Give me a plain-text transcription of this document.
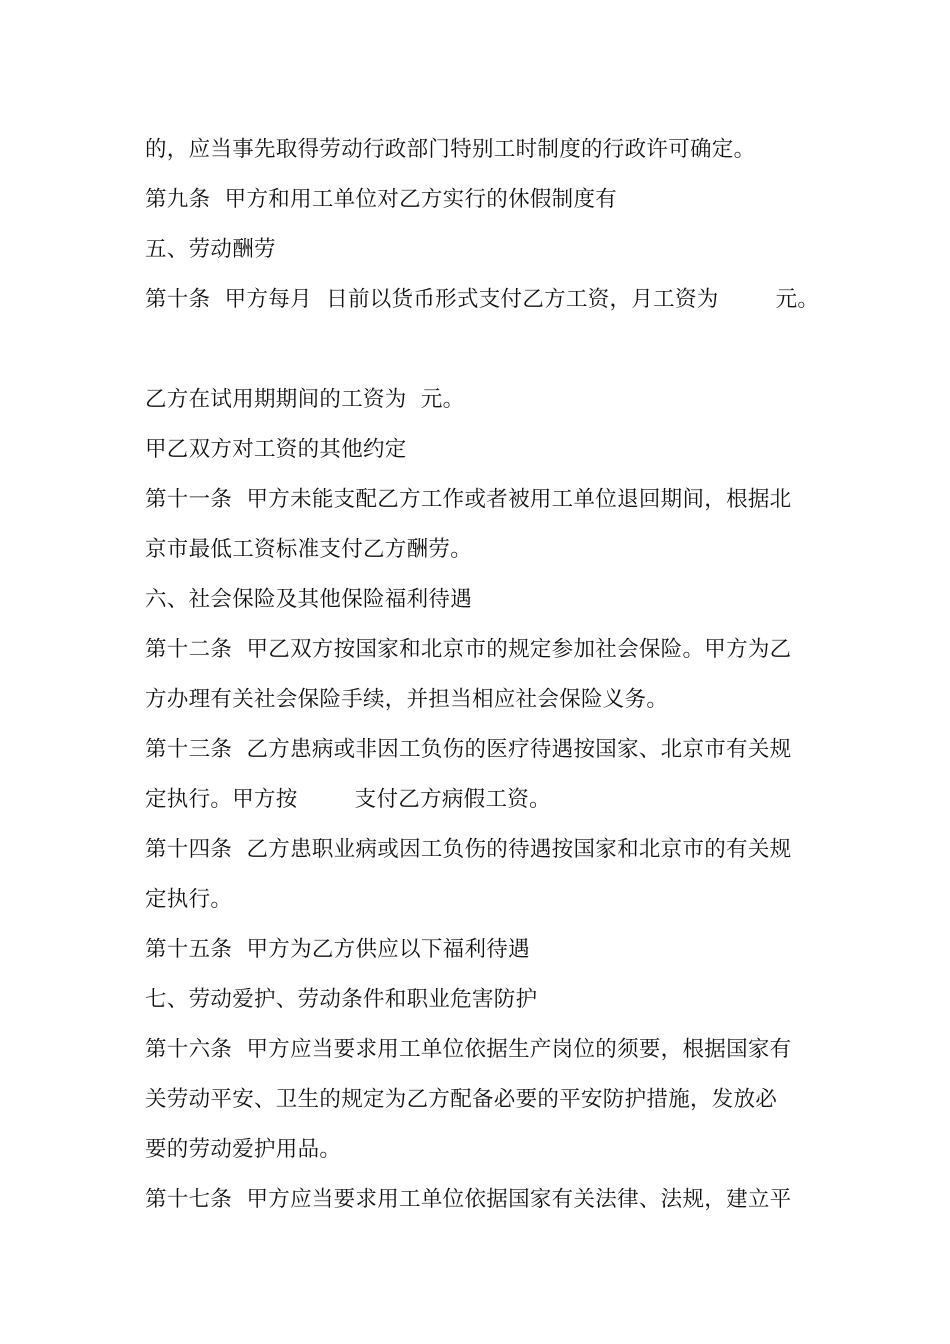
的，应当事先取得劳动行政部门特别工时制度的行政许可确定。
第九条  甲方和用工单位对乙方实行的休假制度有
五、劳动酬劳
第十条  甲方每月  日前以货币形式支付乙方工资，月工资为        元。
乙方在试用期期间的工资为  元。
甲乙双方对工资的其他约定
第十一条  甲方未能支配乙方工作或者被用工单位退回期间，根据北
京市最低工资标准支付乙方酬劳。
六、社会保险及其他保险福利待遇
第十二条  甲乙双方按国家和北京市的规定参加社会保险。甲方为乙
方办理有关社会保险手续，并担当相应社会保险义务。
第十三条  乙方患病或非因工负伤的医疗待遇按国家、北京市有关规
定执行。甲方按        支付乙方病假工资。
第十四条  乙方患职业病或因工负伤的待遇按国家和北京市的有关规
定执行。
第十五条  甲方为乙方供应以下福利待遇
七、劳动爱护、劳动条件和职业危害防护
第十六条  甲方应当要求用工单位依据生产岗位的须要，根据国家有
关劳动平安、卫生的规定为乙方配备必要的平安防护措施，发放必
要的劳动爱护用品。
第十七条  甲方应当要求用工单位依据国家有关法律、法规，建立平
